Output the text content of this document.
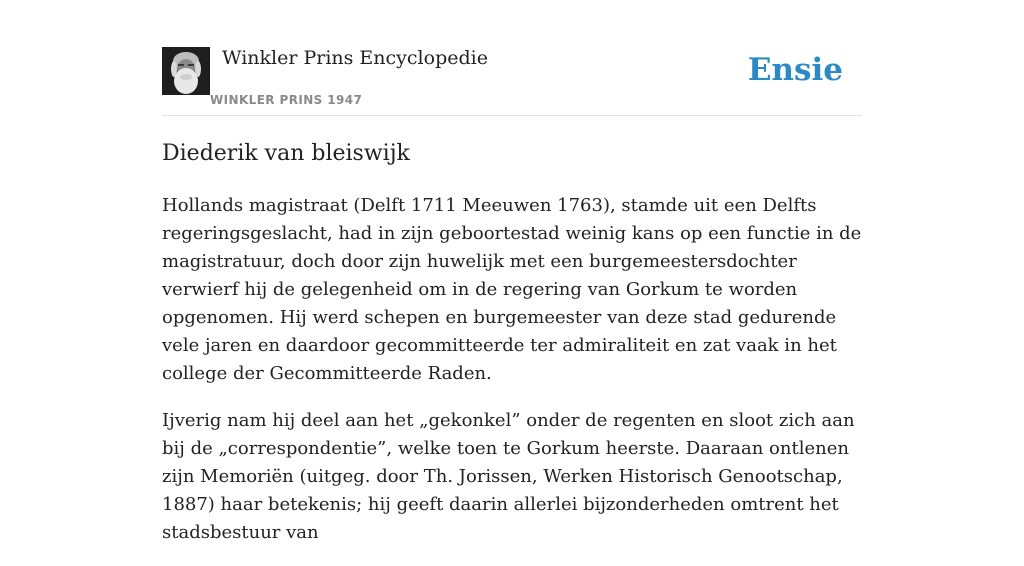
Winkler Prins Encyclopedie
WINKLER PRINS 1947
Ensie
Diederik van bleiswijk

Hollands magistraat (Delft 1711 Meeuwen 1763), stamde uit een Delfts regeringsgeslacht, had in zijn geboortestad weinig kans op een functie in de magistratuur, doch door zijn huwelijk met een burgemeestersdochter verwierf hij de gelegenheid om in de regering van Gorkum te worden opgenomen. Hij werd schepen en burgemeester van deze stad gedurende vele jaren en daardoor gecommitteerde ter admiraliteit en zat vaak in het college der Gecommitteerde Raden.

Ijverig nam hij deel aan het „gekonkel” onder de regenten en sloot zich aan bij de „correspondentie”, welke toen te Gorkum heerste. Daaraan ontlenen zijn Memoriën (uitgeg. door Th. Jorissen, Werken Historisch Genootschap, 1887) haar betekenis; hij geeft daarin allerlei bijzonderheden omtrent het stadsbestuur van
